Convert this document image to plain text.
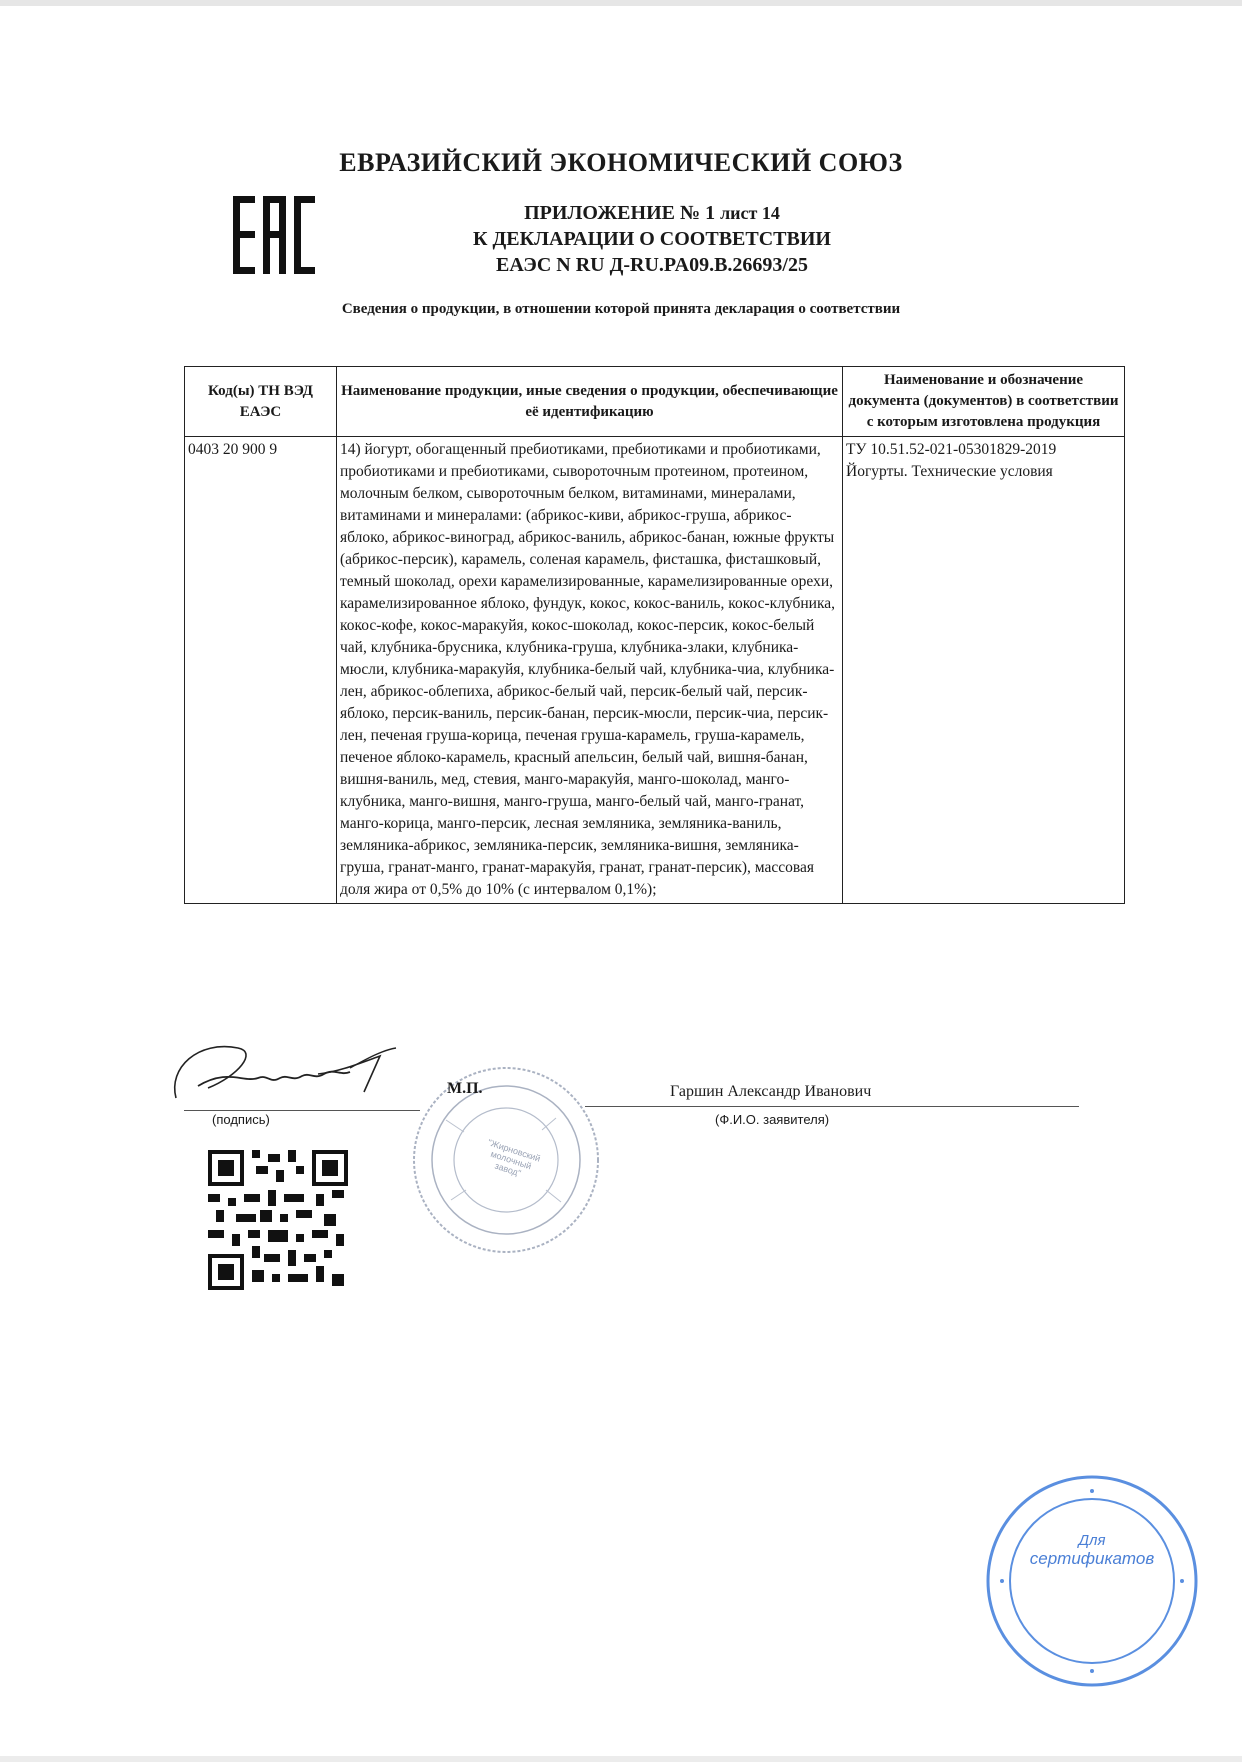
ЕВРАЗИЙСКИЙ ЭКОНОМИЧЕСКИЙ СОЮЗ
ПРИЛОЖЕНИЕ № 1 лист 14
К ДЕКЛАРАЦИИ О СООТВЕТСТВИИ
ЕАЭС N RU Д-RU.PA09.B.26693/25
Сведения о продукции, в отношении которой принята декларация о соответствии
Код(ы) ТН ВЭД ЕАЭС	Наименование продукции, иные сведения о продукции, обеспечивающие её идентификацию	Наименование и обозначение документа (документов) в соответствии с которым изготовлена продукция
0403 20 900 9	14) йогурт, обогащенный пребиотиками, пребиотиками и пробиотиками, пробиотиками и пребиотиками, сывороточным протеином, протеином, молочным белком, сывороточным белком, витаминами, минералами, витаминами и минералами: (абрикос-киви, абрикос-груша, абрикос-яблоко, абрикос-виноград, абрикос-ваниль, абрикос-банан, южные фрукты (абрикос-персик), карамель, соленая карамель, фисташка, фисташковый, темный шоколад, орехи карамелизированные, карамелизированные орехи, карамелизированное яблоко, фундук, кокос, кокос-ваниль, кокос-клубника, кокос-кофе, кокос-маракуйя, кокос-шоколад, кокос-персик, кокос-белый чай, клубника-брусника, клубника-груша, клубника-злаки, клубника-мюсли, клубника-маракуйя, клубника-белый чай, клубника-чиа, клубника-лен, абрикос-облепиха, абрикос-белый чай, персик-белый чай, персик-яблоко, персик-ваниль, персик-банан, персик-мюсли, персик-чиа, персик-лен, печеная груша-корица, печеная груша-карамель, груша-карамель, печеное яблоко-карамель, красный апельсин, белый чай, вишня-банан, вишня-ваниль, мед, стевия, манго-маракуйя, манго-шоколад, манго-клубника, манго-вишня, манго-груша, манго-белый чай, манго-гранат, манго-корица, манго-персик, лесная земляника, земляника-ваниль, земляника-абрикос, земляника-персик, земляника-вишня, земляника-груша, гранат-манго, гранат-маракуйя, гранат, гранат-персик), массовая доля жира от 0,5% до 10% (с интервалом 0,1%);	ТУ 10.51.52-021-05301829-2019
Йогурты. Технические условия
"Жирновский молочный завод"
(подпись)
М.П.	Гаршин Александр Иванович
(Ф.И.О. заявителя)
Для
сертификатов
